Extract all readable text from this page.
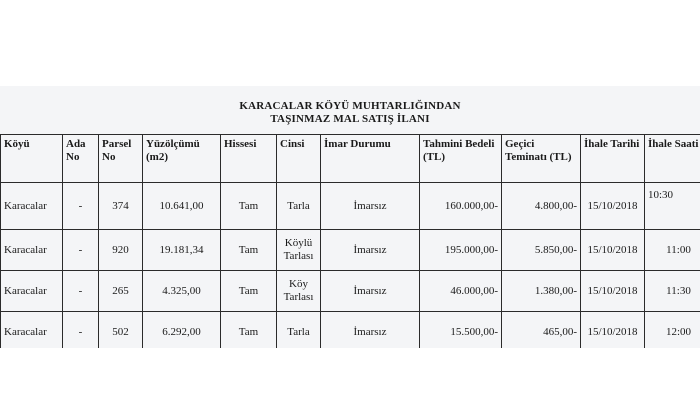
KARACALAR KÖYÜ MUHTARLIĞINDAN
TAŞINMAZ MAL SATIŞ İLANI
Köyü	Ada No	Parsel No	Yüzölçümü (m2)	Hissesi	Cinsi	İmar Durumu	Tahmini Bedeli (TL)	Geçici Teminatı (TL)	İhale Tarihi	İhale Saati
Karacalar	-	374	10.641,00	Tam	Tarla	İmarsız	160.000,00-	4.800,00-	15/10/2018	10:30
Karacalar	-	920	19.181,34	Tam	Köylü Tarlası	İmarsız	195.000,00-	5.850,00-	15/10/2018	11:00
Karacalar	-	265	4.325,00	Tam	Köy Tarlası	İmarsız	46.000,00-	1.380,00-	15/10/2018	11:30
Karacalar	-	502	6.292,00	Tam	Tarla	İmarsız	15.500,00-	465,00-	15/10/2018	12:00
